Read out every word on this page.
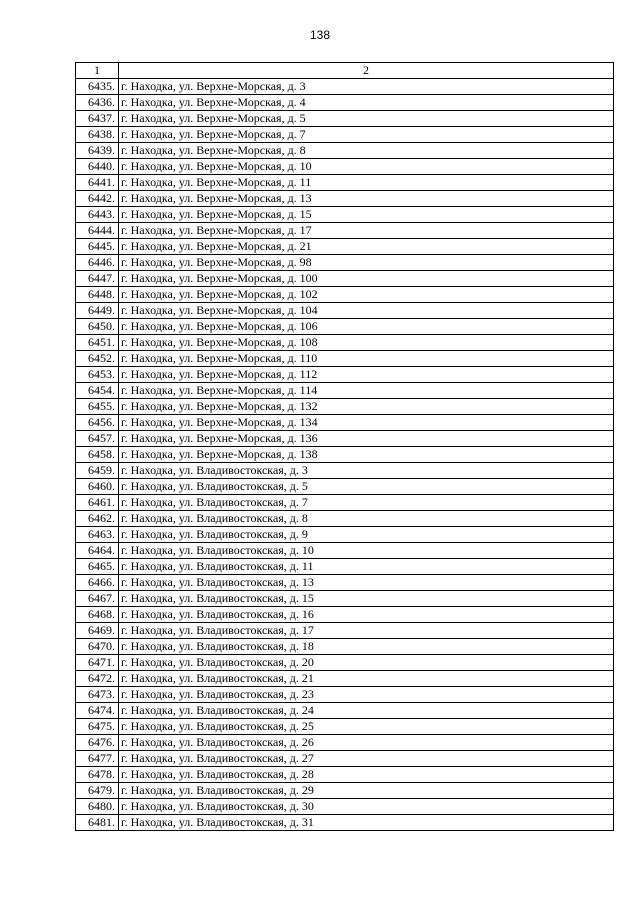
138
1	2
6435.	г. Находка, ул. Верхне-Морская, д. 3
6436.	г. Находка, ул. Верхне-Морская, д. 4
6437.	г. Находка, ул. Верхне-Морская, д. 5
6438.	г. Находка, ул. Верхне-Морская, д. 7
6439.	г. Находка, ул. Верхне-Морская, д. 8
6440.	г. Находка, ул. Верхне-Морская, д. 10
6441.	г. Находка, ул. Верхне-Морская, д. 11
6442.	г. Находка, ул. Верхне-Морская, д. 13
6443.	г. Находка, ул. Верхне-Морская, д. 15
6444.	г. Находка, ул. Верхне-Морская, д. 17
6445.	г. Находка, ул. Верхне-Морская, д. 21
6446.	г. Находка, ул. Верхне-Морская, д. 98
6447.	г. Находка, ул. Верхне-Морская, д. 100
6448.	г. Находка, ул. Верхне-Морская, д. 102
6449.	г. Находка, ул. Верхне-Морская, д. 104
6450.	г. Находка, ул. Верхне-Морская, д. 106
6451.	г. Находка, ул. Верхне-Морская, д. 108
6452.	г. Находка, ул. Верхне-Морская, д. 110
6453.	г. Находка, ул. Верхне-Морская, д. 112
6454.	г. Находка, ул. Верхне-Морская, д. 114
6455.	г. Находка, ул. Верхне-Морская, д. 132
6456.	г. Находка, ул. Верхне-Морская, д. 134
6457.	г. Находка, ул. Верхне-Морская, д. 136
6458.	г. Находка, ул. Верхне-Морская, д. 138
6459.	г. Находка, ул. Владивостокская, д. 3
6460.	г. Находка, ул. Владивостокская, д. 5
6461.	г. Находка, ул. Владивостокская, д. 7
6462.	г. Находка, ул. Владивостокская, д. 8
6463.	г. Находка, ул. Владивостокская, д. 9
6464.	г. Находка, ул. Владивостокская, д. 10
6465.	г. Находка, ул. Владивостокская, д. 11
6466.	г. Находка, ул. Владивостокская, д. 13
6467.	г. Находка, ул. Владивостокская, д. 15
6468.	г. Находка, ул. Владивостокская, д. 16
6469.	г. Находка, ул. Владивостокская, д. 17
6470.	г. Находка, ул. Владивостокская, д. 18
6471.	г. Находка, ул. Владивостокская, д. 20
6472.	г. Находка, ул. Владивостокская, д. 21
6473.	г. Находка, ул. Владивостокская, д. 23
6474.	г. Находка, ул. Владивостокская, д. 24
6475.	г. Находка, ул. Владивостокская, д. 25
6476.	г. Находка, ул. Владивостокская, д. 26
6477.	г. Находка, ул. Владивостокская, д. 27
6478.	г. Находка, ул. Владивостокская, д. 28
6479.	г. Находка, ул. Владивостокская, д. 29
6480.	г. Находка, ул. Владивостокская, д. 30
6481.	г. Находка, ул. Владивостокская, д. 31
